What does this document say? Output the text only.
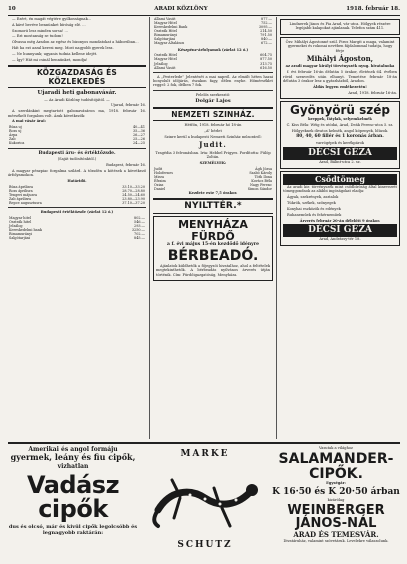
10	ARADI KÖZLÖNY	1918. február 18.

— Ezért, én magát végtére gyilkosságnak...

A kávé bevéve bennünket bíróság elé. ...

Szomorú lesz minden sorsa! ...

— Ezt mostanság se tudom!

Olvassa még Aradon az egész és bizonyos mondatokat a háborúban...

Hát ha ezt azzal keresi meg. Most nagyobb gyerek lesz.

— Ne hunnyunk; ugyanis tudnia kellene idejét.

— Így? Hát mi csinál bennünket, mondja!

KÖZGAZDASÁG ÉS KÖZLEKEDÉS
Ujaradi heti gabonavásár.

— Az Aradi Közlöny tudósítójától. —

Ujarad, február 16.

A szerdánkint megtartott gabonavásáron ma, 1918. február 16. mérsékelt forgalom volt. Árak következők:

A mai vásár árai:

Búza uj	40—41
Rozs uj	35—36
Árpa	26—27
Zab	25—26
Kukorica	24—25
Budapesti áru- és értéktőzsde.

(Saját tudósítónktól.)

Budapest, február 16.

A magyar pénzpiac forgalma szilárd. A tőzsdén a kötések a következő árfolyamokon.

Határidő.

Búza áprilisra	33.10—33.20
Rozs áprilisra	28.70—28.80
Tengeri májusra	24.50—24.60
Zab áprilisra	23.80—23.90
Repce augusztusra	37.10—37.20

Budapesti értéktőzsde (zárlat 12 ó.)

Magyar hitel	802.—
Osztrák hitel	546.—
Jelzálog	293.—
Kereskedelmi bank	3250.—
Rimamurányi	702.—
Salgótarjáni	845.—
Állami Vasút	877.—
Magyar Hitel	752.—
Kereskedelmi Bank	3095.—
Osztrák Hitel	214.50
Rimamurányi	791.50
Salgótarjáni	840.—
Magyar Általános	672.—

Készpénz-árfolyamok (zárlat 12 ó.)

Osztrák Hitel	604.75
Magyar Hitel	877.50
Jelzálog	313.75
Állami Vasút	616.50

A „Pesterlede” Jelentését a mai napról. Az elmúlt héten hazai bonyolult időjárás, északon fagy, délen enyhe. Hőmérséklet reggel: 2 fok, délben 7 fok.

Felelős szerkesztő:

Dolgár Lajos

NEMZETI SZINHÁZ.

Hétfőn, 1918. február hó 18-án

„A” bérlet

Szinre kerül a budapesti Nemzeti Szinház műsoráról:

Judit.

Tragédia 3 felvonásban. Irta: Hebbel Frigyes. Fordította: Fülöp Zoltán.

SZEMÉLYEK:

Judit	Ágh Józsa
Holofernes	Szabó Károly
Mirza	Tóth Ilona
Éfraim	Kovács Béla
Ozias	Nagy Ferenc
Daniel	Simon Sándor

Kezdete este 7,5 órakor.

NYILTTÉR.*
MENYHÁZA FÜRDŐ

a f. évi május 15-én kezdődő idényre

BÉRBEADÓ.

Ajánlatok küldhetők a főjegyzői hivatalhoz, ahol a feltételek megtekinthetők. A bérbeadás nyilvános árverés útján történik. Cím: Fürdőigazgatóság, Menyháza.

Lindnerek János és Fia Arad, vár utca. Hölgyek részére legújabb kalapokat ajánlanak. Telefon szám 411.

Özv. Mihályi Ágostonné szül. Piros Margit a maga, valamint gyermekei és rokonai nevében fájdalommal tudatja, hogy férje

Mihályi Ágoston,

az aradi magyar királyi törvényszék nyug. hivatalnoka

f. évi február 16-án délután 5 órakor, életének 64. évében rövid szenvedés után elhunyt. Temetése február 18-án délután 3 órakor lesz a gyászházból, Aradon.

Áldás legyen emlékezetén!

Arad, 1918. február 16-án.

Gyönyörü szép

kreppek, fátylak, selyemkelmék

C. Kiss Béla: Wéig és utódai, Arad, Deák Ferenc-utca 5. sz.

Hölgyeknek divatos kelmék, angol köpenyek, blúzok.

80, 40, 60 fillér és 1 koronás árban.

varrógépek és kerékpárok

DÉCSI GÉZA

Arad, Bálint-utca 2. sz.

Csődtömeg

Az aradi kir. törvényszék mint csődbíróság által kinevezett tömeggondnok az alábbi ingóságokat eladja:

Ágyak, szekrények, asztalok

Tükrök, székek, szőnyegek

Konyhai eszközök és edények

Ruhaneműek és fehérneműek

Árverés február 20-án délelőtt 9 órakor.

DÉCSI GÉZA

Arad, Andrássy-tér 18.

Amerikai és angol formáju
gyermek, leány és fiu cipők,
vizhatlan
Vadász cipők

dus és olcsó, már és kivül cipők legolcsóbb és legnagyobb raktárán:

MARKE
SCHUTZ

Vasutak a világhoz

SALAMANDER-CIPŐK.

Egységár:

K 16·50 és K 20·50 árban

kizárólag

WEINBERGER JÁNOS-NÁL
ARAD ÉS TEMESVÁR.

Divatáruház, valamint szövetáruk. Levelekre válaszolunk.
